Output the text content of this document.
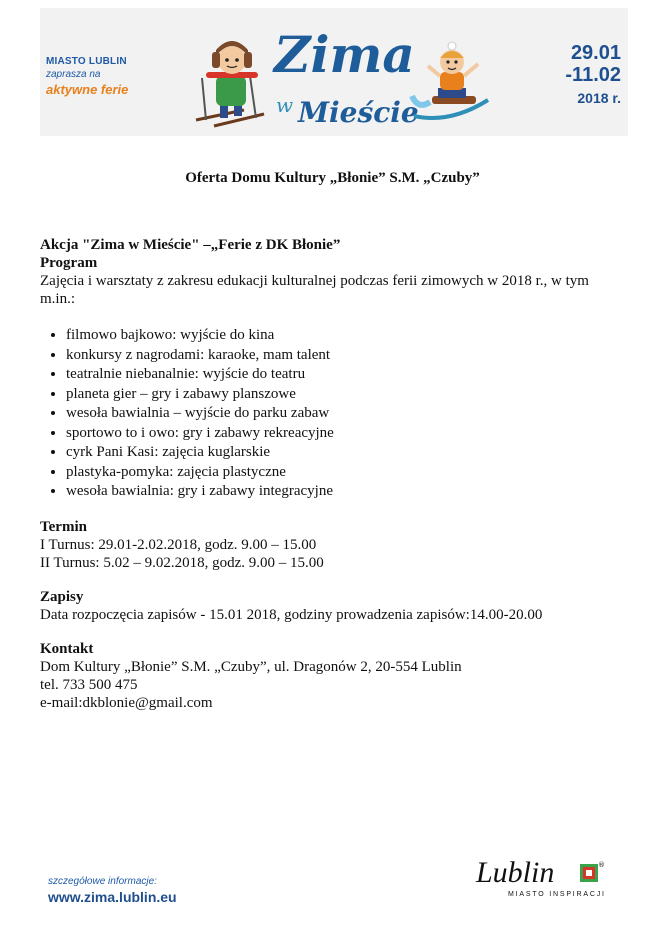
MIASTO LUBLIN
zaprasza na
aktywne ferie
Zima
w Mieście
29.01
-11.02
2018 r.
Oferta Domu Kultury „Błonie” S.M. „Czuby”

Akcja "Zima w Mieście" –„Ferie z DK Błonie”

Program

Zajęcia i warsztaty z zakresu edukacji kulturalnej podczas ferii zimowych w 2018 r., w tym m.in.:

• filmowo bajkowo: wyjście do kina
• konkursy z nagrodami: karaoke, mam talent
• teatralnie niebanalnie: wyjście do teatru
• planeta gier – gry i zabawy planszowe
• wesoła bawialnia – wyjście do parku zabaw
• sportowo to i owo: gry i zabawy rekreacyjne
• cyrk Pani Kasi: zajęcia kuglarskie
• plastyka-pomyka: zajęcia plastyczne
• wesoła bawialnia: gry i zabawy integracyjne
Termin

I Turnus: 29.01-2.02.2018, godz. 9.00 – 15.00

II Turnus: 5.02 – 9.02.2018, godz. 9.00 – 15.00

Zapisy

Data rozpoczęcia zapisów - 15.01 2018, godziny prowadzenia zapisów:14.00-20.00

Kontakt

Dom Kultury „Błonie” S.M. „Czuby”, ul. Dragonów 2, 20-554 Lublin

tel. 733 500 475

e-mail:dkblonie@gmail.com

szczegółowe informacje:
www.zima.lublin.eu
Lublin	®
MIASTO INSPIRACJI
